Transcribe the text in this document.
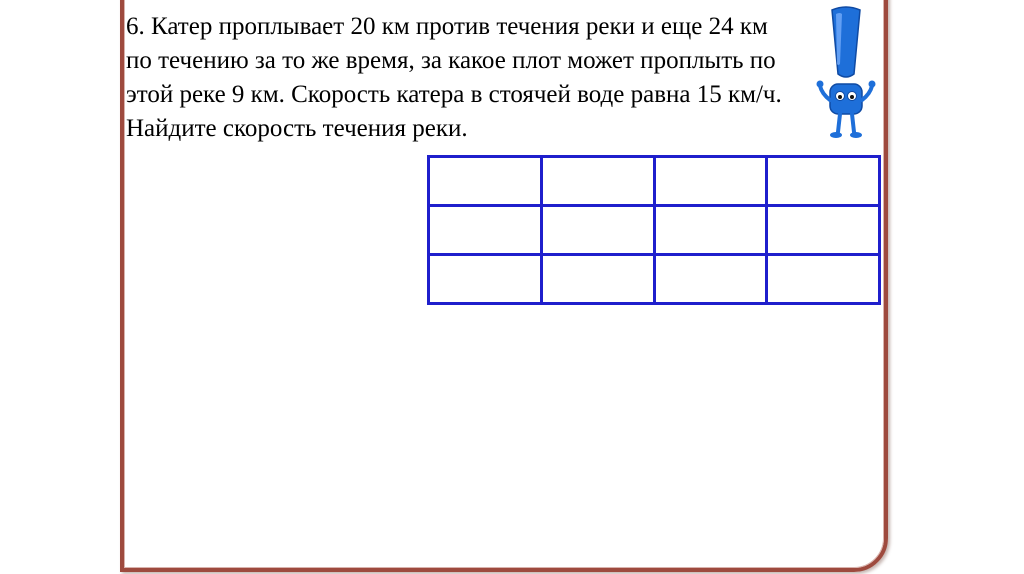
6. Катер проплывает 20 км против течения реки и еще 24 км
по течению за то же время, за какое плот может проплыть по
этой реке 9 км. Скорость катера в стоячей воде равна 15 км/ч.
Найдите скорость течения реки.
